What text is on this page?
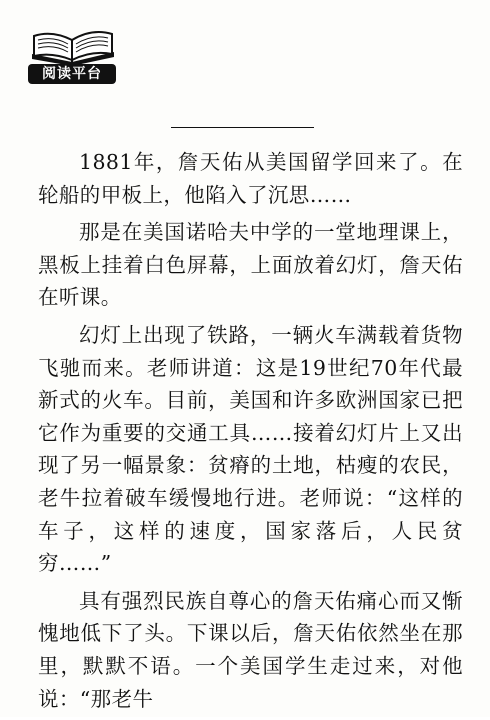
阅读平台

1881年，詹天佑从美国留学回来了。在轮船的甲板上，他陷入了沉思……

那是在美国诺哈夫中学的一堂地理课上，黑板上挂着白色屏幕，上面放着幻灯，詹天佑在听课。

幻灯上出现了铁路，一辆火车满载着货物飞驰而来。老师讲道：这是19世纪70年代最新式的火车。目前，美国和许多欧洲国家已把它作为重要的交通工具……接着幻灯片上又出现了另一幅景象：贫瘠的土地，枯瘦的农民，老牛拉着破车缓慢地行进。老师说：“这样的车子，这样的速度，国家落后，人民贫穷……”

具有强烈民族自尊心的詹天佑痛心而又惭愧地低下了头。下课以后，詹天佑依然坐在那里，默默不语。一个美国学生走过来，对他说：“那老牛
